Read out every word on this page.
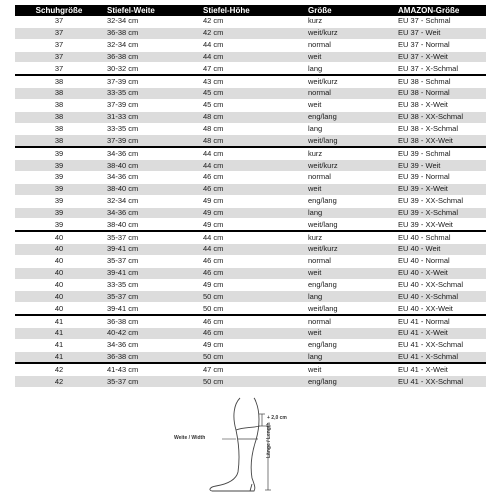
Schuhgröße	Stiefel-Weite	Stiefel-Höhe	Größe	AMAZON-Größe
37	32-34 cm	42 cm	kurz	EU 37 - Schmal
37	36-38 cm	42 cm	weit/kurz	EU 37 - Weit
37	32-34 cm	44 cm	normal	EU 37 - Normal
37	36-38 cm	44 cm	weit	EU 37 - X-Weit
37	30-32 cm	47 cm	lang	EU 37 - X-Schmal
38	37-39 cm	43 cm	weit/kurz	EU 38 - Schmal
38	33-35 cm	45 cm	normal	EU 38 - Normal
38	37-39 cm	45 cm	weit	EU 38 - X-Weit
38	31-33 cm	48 cm	eng/lang	EU 38 - XX-Schmal
38	33-35 cm	48 cm	lang	EU 38 - X-Schmal
38	37-39 cm	48 cm	weit/lang	EU 38 - XX-Weit
39	34-36 cm	44 cm	kurz	EU 39 - Schmal
39	38-40 cm	44 cm	weit/kurz	EU 39 - Weit
39	34-36 cm	46 cm	normal	EU 39 - Normal
39	38-40 cm	46 cm	weit	EU 39 - X-Weit
39	32-34 cm	49 cm	eng/lang	EU 39 - XX-Schmal
39	34-36 cm	49 cm	lang	EU 39 - X-Schmal
39	38-40 cm	49 cm	weit/lang	EU 39 - XX-Weit
40	35-37 cm	44 cm	kurz	EU 40 - Schmal
40	39-41 cm	44 cm	weit/kurz	EU 40 - Weit
40	35-37 cm	46 cm	normal	EU 40 - Normal
40	39-41 cm	46 cm	weit	EU 40 - X-Weit
40	33-35 cm	49 cm	eng/lang	EU 40 - XX-Schmal
40	35-37 cm	50 cm	lang	EU 40 - X-Schmal
40	39-41 cm	50 cm	weit/lang	EU 40 - XX-Weit
41	36-38 cm	46 cm	normal	EU 41 - Normal
41	40-42 cm	46 cm	weit	EU 41 - X-Weit
41	34-36 cm	49 cm	eng/lang	EU 41 - XX-Schmal
41	36-38 cm	50 cm	lang	EU 41 - X-Schmal
42	41-43 cm	47 cm	weit	EU 41 - X-Weit
42	35-37 cm	50 cm	eng/lang	EU 41 - XX-Schmal
Weite / Width
+ 2,0 cm
Länge / Length
